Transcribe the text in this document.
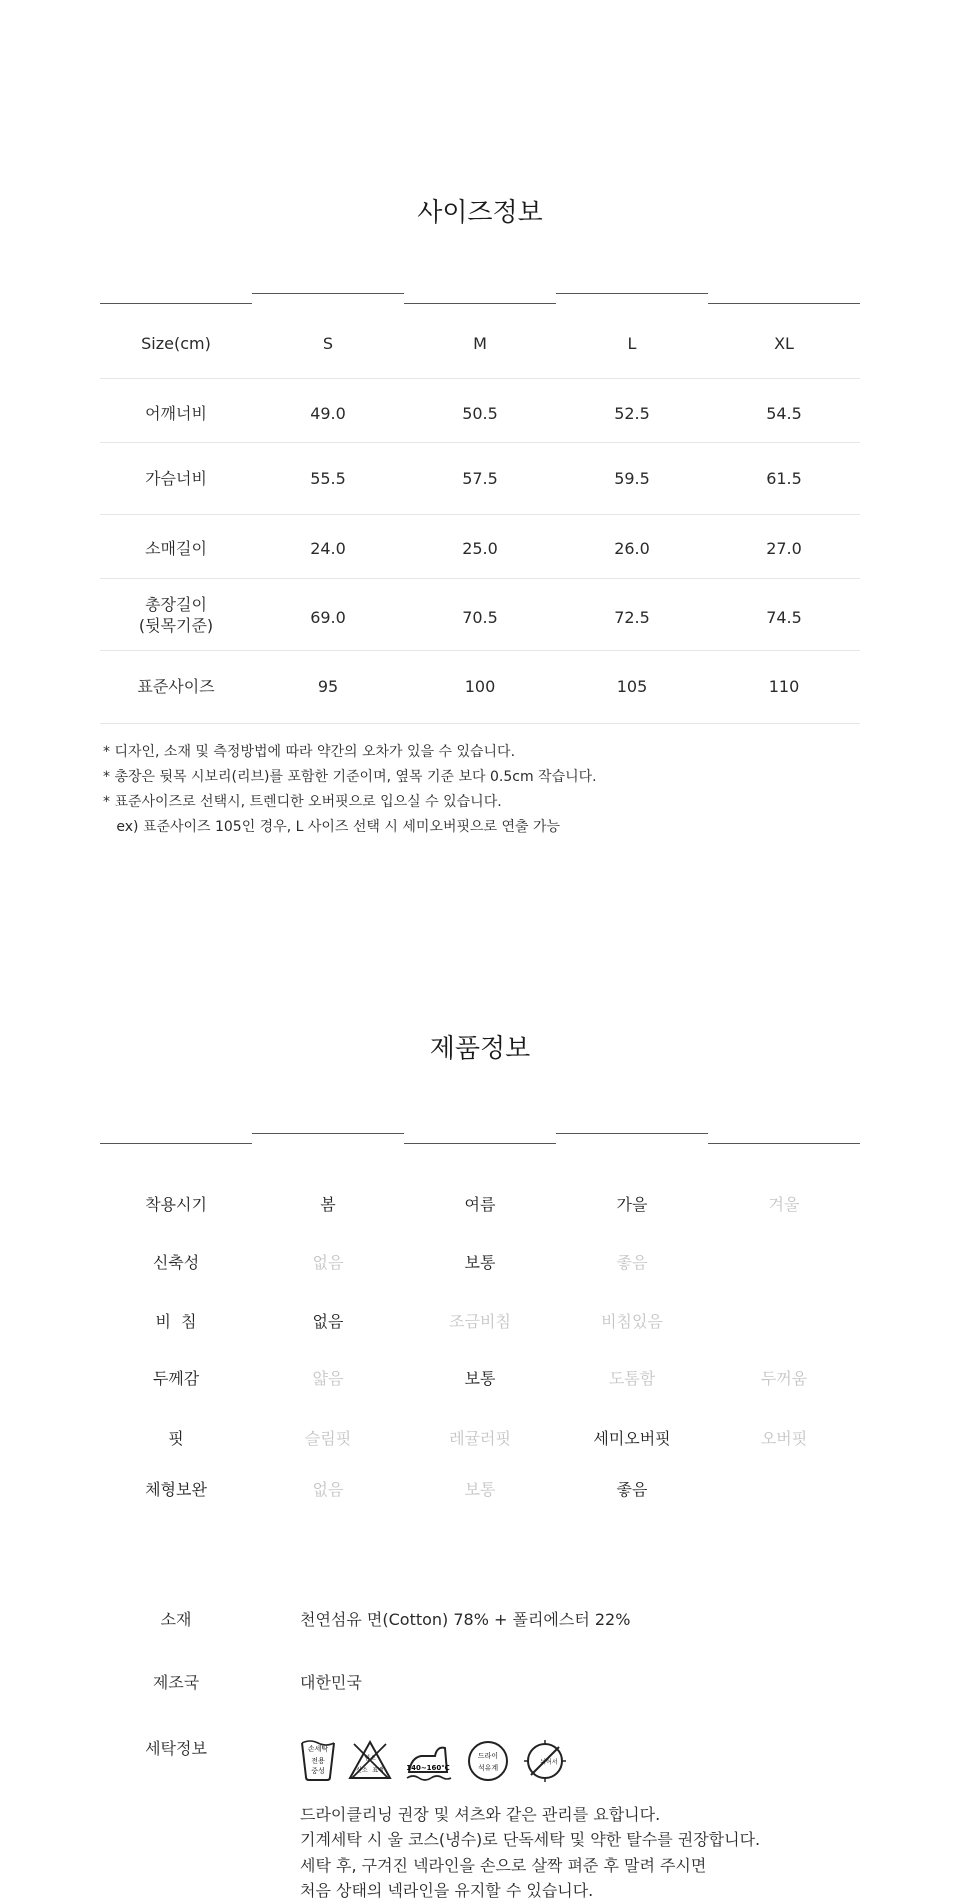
사이즈정보
Size(cm)	S	M	L	XL
어깨너비	49.0	50.5	52.5	54.5
가슴너비	55.5	57.5	59.5	61.5
소매길이	24.0	25.0	26.0	27.0
총장길이
(뒷목기준)	69.0	70.5	72.5	74.5
표준사이즈	95	100	105	110
* 디자인, 소재 및 측정방법에 따라 약간의 오차가 있을 수 있습니다.
* 총장은 뒷목 시보리(리브)를 포함한 기준이며, 옆목 기준 보다 0.5cm 작습니다.
* 표준사이즈로 선택시, 트렌디한 오버핏으로 입으실 수 있습니다.
ex) 표준사이즈 105인 경우, L 사이즈 선택 시 세미오버핏으로 연출 가능
제품정보
착용시기	봄	여름	가을	겨울
신축성	없음	보통	좋음
비  침	없음	조금비침	비침있음
두께감	얇음	보통	도톰함	두꺼움
핏	슬림핏	레귤러핏	세미오버핏	오버핏
체형보완	없음	보통	좋음
소재	천연섬유 면(Cotton) 78% + 폴리에스터 22%
제조국	대한민국
세탁정보	손세탁
전용
중성
염소
산소 표백	140~160℃
드라이
석유계
뉘어서
드라이클리닝 권장 및 셔츠와 같은 관리를 요합니다.
기계세탁 시 울 코스(냉수)로 단독세탁 및 약한 탈수를 권장합니다.
세탁 후, 구겨진 넥라인을 손으로 살짝 펴준 후 말려 주시면
처음 상태의 넥라인을 유지할 수 있습니다.
